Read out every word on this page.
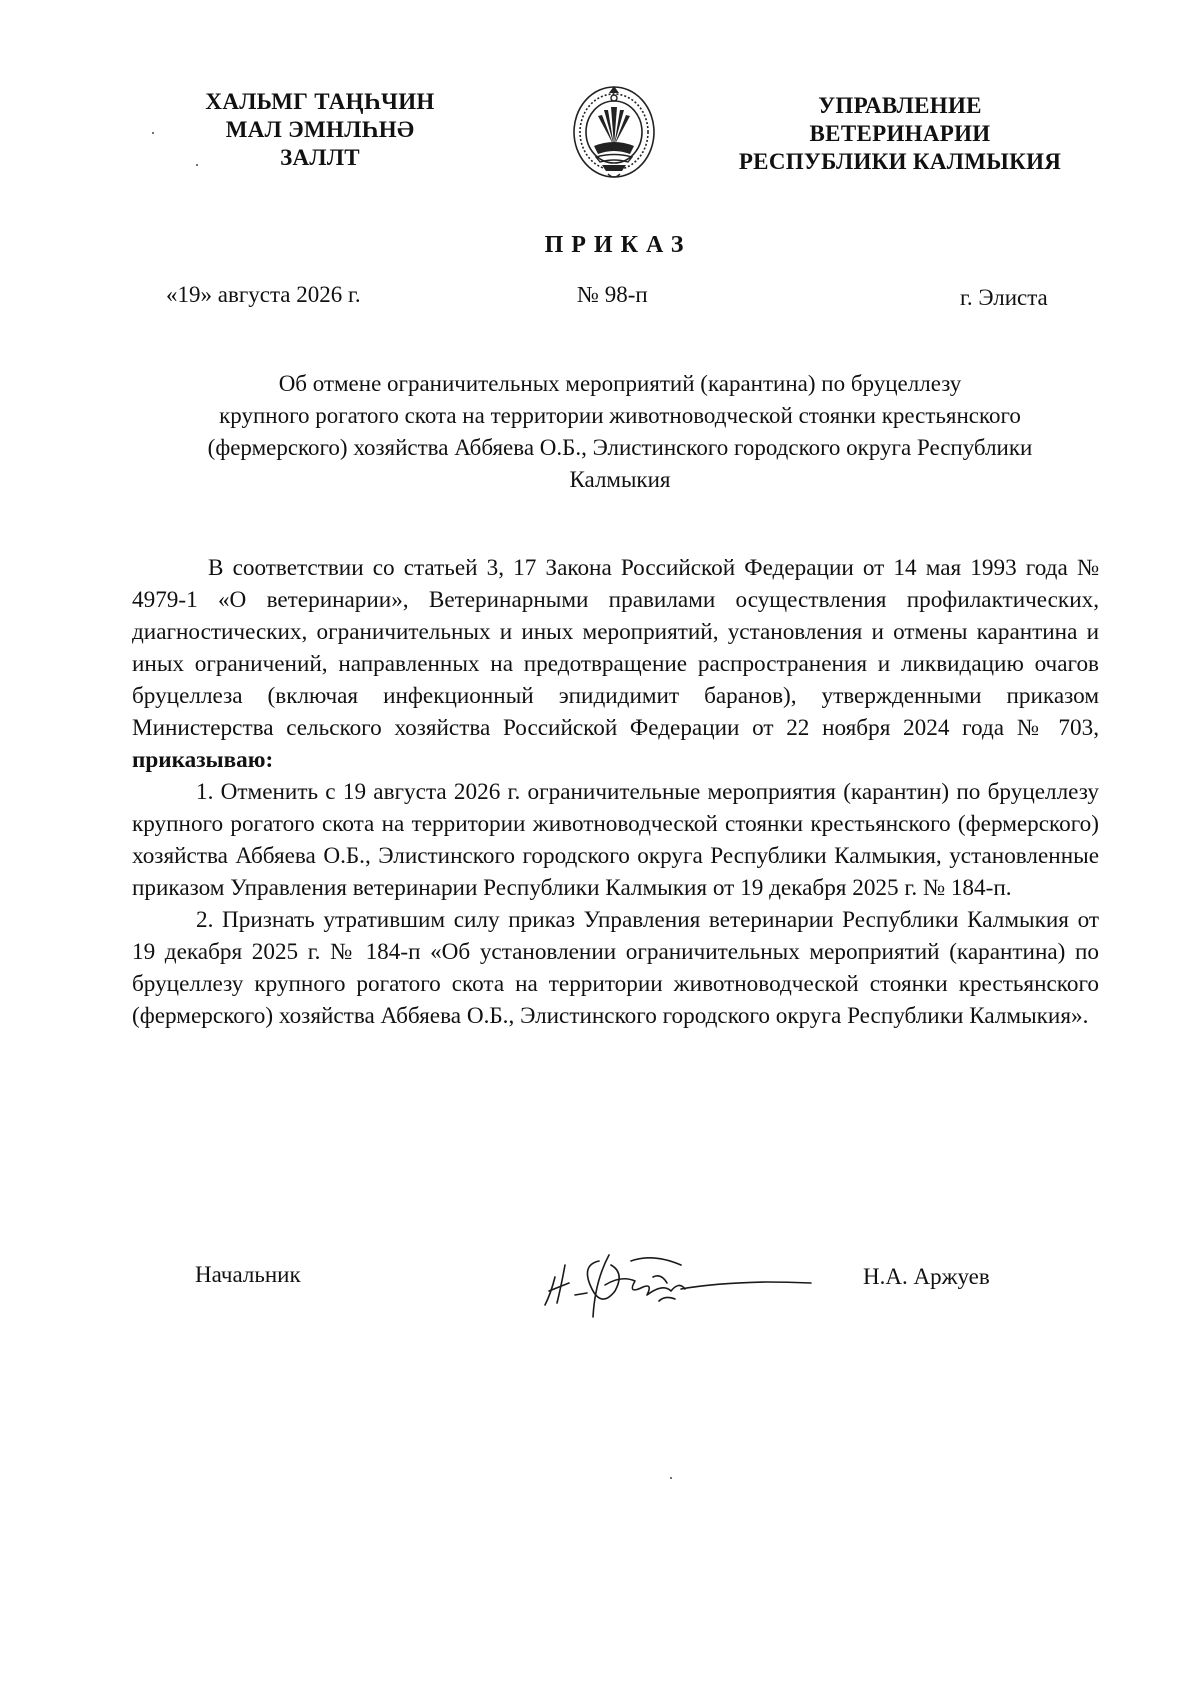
ХАЛЬМГ ТАҢҺЧИН
МАЛ ЭМНЛҺНӘ
ЗАЛЛТ
УПРАВЛЕНИЕ
ВЕТЕРИНАРИИ
РЕСПУБЛИКИ КАЛМЫКИЯ
ПРИКАЗ
«19» августа 2026 г.	№ 98-п	г. Элиста
Об отмене ограничительных мероприятий (карантина) по бруцеллезу
крупного рогатого скота на территории животноводческой стоянки крестьянского
(фермерского) хозяйства Аббяева О.Б., Элистинского городского округа Республики
Калмыкия

В соответствии со статьей 3, 17 Закона Российской Федерации от 14 мая 1993 года № 4979-1 «О ветеринарии», Ветеринарными правилами осуществления профилактических, диагностических, ограничительных и иных мероприятий, установления и отмены карантина и иных ограничений, направленных на предотвращение распространения и ликвидацию очагов бруцеллеза (включая инфекционный эпидидимит баранов), утвержденными приказом Министерства сельского хозяйства Российской Федерации от 22 ноября 2024 года № 703, приказываю:

1. Отменить с 19 августа 2026 г. ограничительные мероприятия (карантин) по бруцеллезу крупного рогатого скота на территории животноводческой стоянки крестьянского (фермерского) хозяйства Аббяева О.Б., Элистинского городского округа Республики Калмыкия, установленные приказом Управления ветеринарии Республики Калмыкия от 19 декабря 2025 г. № 184-п.

2. Признать утратившим силу приказ Управления ветеринарии Республики Калмыкия от 19 декабря 2025 г. № 184-п «Об установлении ограничительных мероприятий (карантина) по бруцеллезу крупного рогатого скота на территории животноводческой стоянки крестьянского (фермерского) хозяйства Аббяева О.Б., Элистинского городского округа Республики Калмыкия».

Начальник	Н.А. Аржуев
